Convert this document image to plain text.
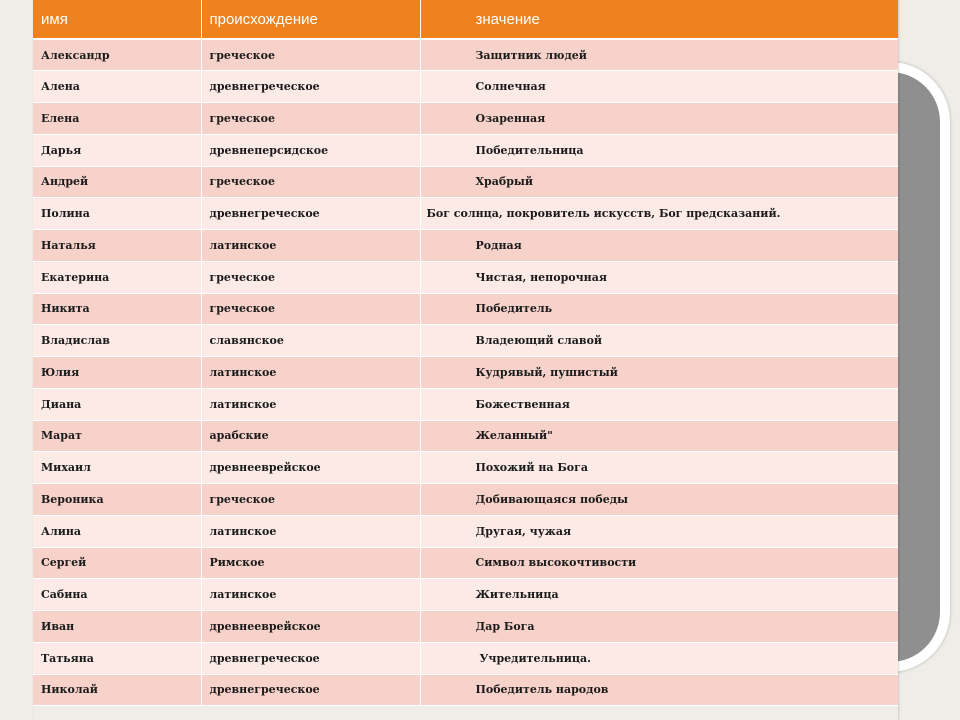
имя	происхождение	значение
Александр	греческое	Защитник людей
Алена	древнегреческое	Солнечная
Елена	греческое	Озаренная
Дарья	древнеперсидское	Победительница
Андрей	греческое	Храбрый
Полина	древнегреческое	Бог солнца, покровитель искусств, Бог предсказаний.
Наталья	латинское	Родная
Екатерина	греческое	Чистая, непорочная
Никита	греческое	Победитель
Владислав	славянское	Владеющий славой
Юлия	латинское	Кудрявый, пушистый
Диана	латинское	Божественная
Марат	арабские	Желанный"
Михаил	древнееврейское	Похожий на Бога
Вероника	греческое	Добивающаяся победы
Алина	латинское	Другая, чужая
Сергей	Римское	Символ высокочтивости
Сабина	латинское	Жительница
Иван	древнееврейское	Дар Бога
Татьяна	древнегреческое	Учредительница.
Николай	древнегреческое	Победитель народов
